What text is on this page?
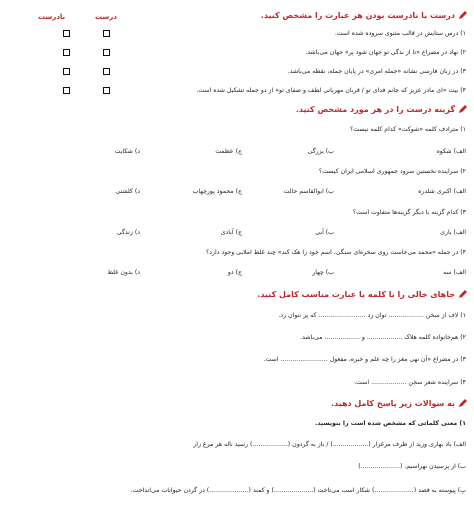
درست یا نادرست بودن هر عبارت را مشخص کنید.
نادرست	درست
۱) درس ستایش در قالب مثنوی سروده شده است.
۲) نهاد در مصراع «تا از ندگی تو جهان شود پر» جهان می‌باشد.
۳) در زبان فارسی نشانه «جمله امری» در پایان جمله، نقطه می‌باشد.
۴) بیت «ای مادر عزیز که جانم فدای تو / قربان مهربانی لطف و صفای تو» از دو جمله تشکیل شده است.
گزینه درست را در هر مورد مشخص کنید.
۱) مترادف کلمه «شوکت» کدام کلمه نیست؟
الف) شکوه
ب) بزرگی
ج) عظمت
د) شکایت
۲) سراینده نخستین سرود جمهوری اسلامی ایران کیست؟
الف) اکبری شلدره
ب) ابوالقاسم حالت
ج) محمود پورچهاب
د) کلشتی
۳) کدام گزینه با دیگر گزینه‌ها متفاوت است؟
الف) باری
ب) آبی
ج) آبادی
د) زندگی
۴) در جمله «محمد می‌خاست روی سخره‌ای سنگی، اسم خود را هک کند» چند غلط املایی وجود دارد؟
الف) سه
ب) چهار
ج) دو
د) بدون غلط
جاهای خالی را با کلمه یا عبارت مناسب کامل کنید.
۱) لاف از سخن .................. توان زد ........................ که پر نتوان زد.
۲) هم‌خانواده کلمه هلاک .................. و .................. می‌باشد.
۳) در مصراع «آن نهی مغز را چه علم و خبره، مفعول ........................ است.
۴) سراینده شعر سخن .................. است.
به سوالات زیر پاسخ کامل دهید.
۱) معنی کلماتی که مشخص شده است را بنویسید.
الف) باد بهاری وزید از طرف مرغزار (..................) / باز به گردون (..................) رسید ناله هر مرغ زار
ب) از پرسیدن نهراسیم. (....................)
پ) پیوسته به قصد (....................) شکار اسب می‌تاخت (....................) و کمند (....................) در گردن حیوانات می‌انداخت.
